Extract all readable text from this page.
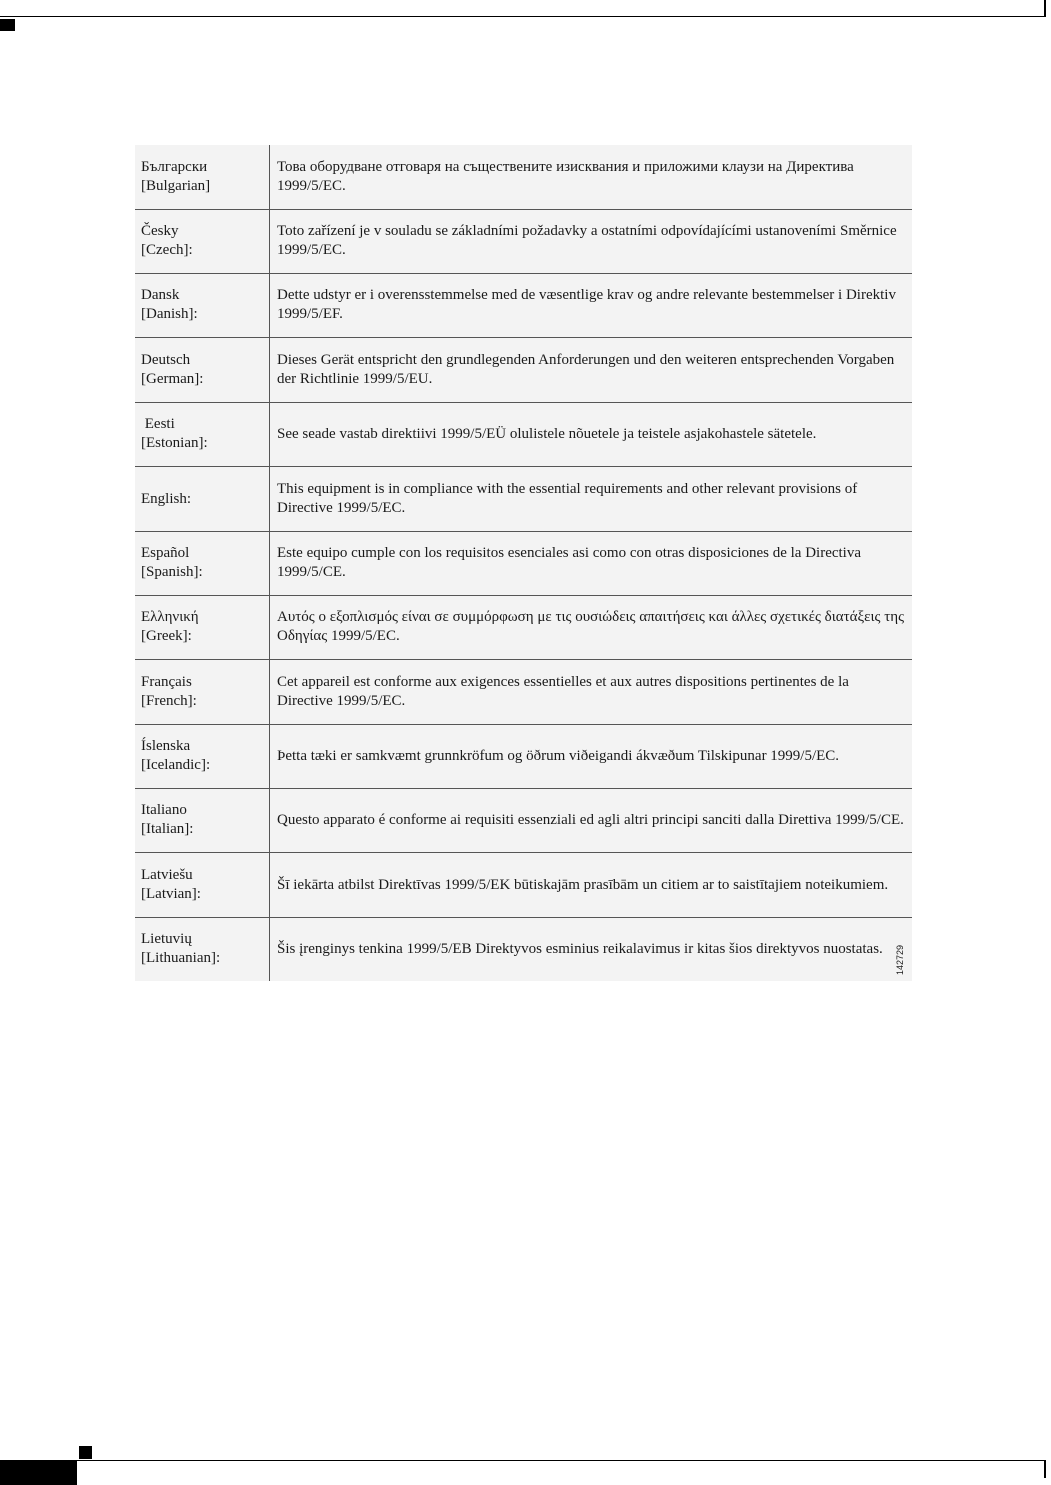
Български
[Bulgarian]
Това оборудване отговаря на съществените изисквания и приложими клаузи на Директива 1999/5/EC.
Česky
[Czech]:
Toto zařízení je v souladu se základními požadavky a ostatními odpovídajícími ustanoveními Směrnice 1999/5/EC.
Dansk
[Danish]:
Dette udstyr er i overensstemmelse med de væsentlige krav og andre relevante bestemmelser i Direktiv 1999/5/EF.
Deutsch
[German]:
Dieses Gerät entspricht den grundlegenden Anforderungen und den weiteren entsprechenden Vorgaben der Richtlinie 1999/5/EU.
Eesti
[Estonian]:
See seade vastab direktiivi 1999/5/EÜ olulistele nõuetele ja teistele asjakohastele sätetele.
English:
This equipment is in compliance with the essential requirements and other relevant provisions of Directive 1999/5/EC.
Español
[Spanish]:
Este equipo cumple con los requisitos esenciales asi como con otras disposiciones de la Directiva 1999/5/CE.
Ελληνική
[Greek]:
Αυτός ο εξοπλισμός είναι σε συμμόρφωση με τις ουσιώδεις απαιτήσεις και άλλες σχετικές διατάξεις της Οδηγίας 1999/5/EC.
Français
[French]:
Cet appareil est conforme aux exigences essentielles et aux autres dispositions pertinentes de la Directive 1999/5/EC.
Íslenska
[Icelandic]:
Þetta tæki er samkvæmt grunnkröfum og öðrum viðeigandi ákvæðum Tilskipunar 1999/5/EC.
Italiano
[Italian]:
Questo apparato é conforme ai requisiti essenziali ed agli altri principi sanciti dalla Direttiva 1999/5/CE.
Latviešu
[Latvian]:
Šī iekārta atbilst Direktīvas 1999/5/EK būtiskajām prasībām un citiem ar to saistītajiem noteikumiem.
Lietuvių
[Lithuanian]:
Šis įrenginys tenkina 1999/5/EB Direktyvos esminius reikalavimus ir kitas šios direktyvos nuostatas. 142729
